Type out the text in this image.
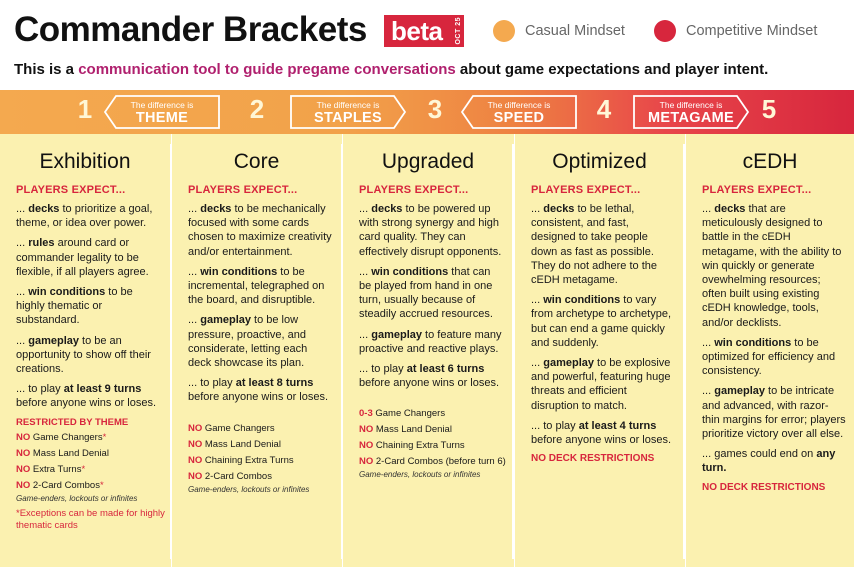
Commander Brackets beta OCT 25	Casual Mindset	Competitive Mindset
This is a communication tool to guide pregame conversations about game expectations and player intent.
1	The difference is
THEME	2	The difference is
STAPLES	3	The difference is
SPEED	4	The difference is
METAGAME	5
Exhibition
PLAYERS EXPECT...
... decks to prioritize a goal, theme, or idea over power.
... rules around card or commander legality to be flexible, if all players agree.
... win conditions to be highly thematic or substandard.
... gameplay to be an opportunity to show off their creations.
... to play at least 9 turns before anyone wins or loses.
RESTRICTED BY THEME
NO Game Changers*
NO Mass Land Denial
NO Extra Turns*
NO 2-Card Combos*
Game-enders, lockouts or infinites
*Exceptions can be made for highly thematic cards
Core
PLAYERS EXPECT...
... decks to be mechanically focused with some cards chosen to maximize creativity and/or entertainment.
... win conditions to be incremental, telegraphed on the board, and disruptible.
... gameplay to be low pressure, proactive, and considerate, letting each deck showcase its plan.
... to play at least 8 turns before anyone wins or loses.
NO Game Changers
NO Mass Land Denial
NO Chaining Extra Turns
NO 2-Card Combos
Game-enders, lockouts or infinites
Upgraded
PLAYERS EXPECT...
... decks to be powered up with strong synergy and high card quality. They can effectively disrupt opponents.
... win conditions that can be played from hand in one turn, usually because of steadily accrued resources.
... gameplay to feature many proactive and reactive plays.
... to play at least 6 turns before anyone wins or loses.
0-3 Game Changers
NO Mass Land Denial
NO Chaining Extra Turns
NO 2-Card Combos (before turn 6)
Game-enders, lockouts or infinites
Optimized
PLAYERS EXPECT...
... decks to be lethal, consistent, and fast, designed to take people down as fast as possible. They do not adhere to the cEDH metagame.
... win conditions to vary from archetype to archetype, but can end a game quickly and suddenly.
... gameplay to be explosive and powerful, featuring huge threats and efficient disruption to match.
... to play at least 4 turns before anyone wins or loses.
NO DECK RESTRICTIONS
cEDH
PLAYERS EXPECT...
... decks that are meticulously designed to battle in the cEDH metagame, with the ability to win quickly or generate ovewhelming resources; often built using existing cEDH knowledge, tools, and/or decklists.
... win conditions to be optimized for efficiency and consistency.
... gameplay to be intricate and advanced, with razor-thin margins for error; players prioritize victory over all else.
... games could end on any turn.
NO DECK RESTRICTIONS
